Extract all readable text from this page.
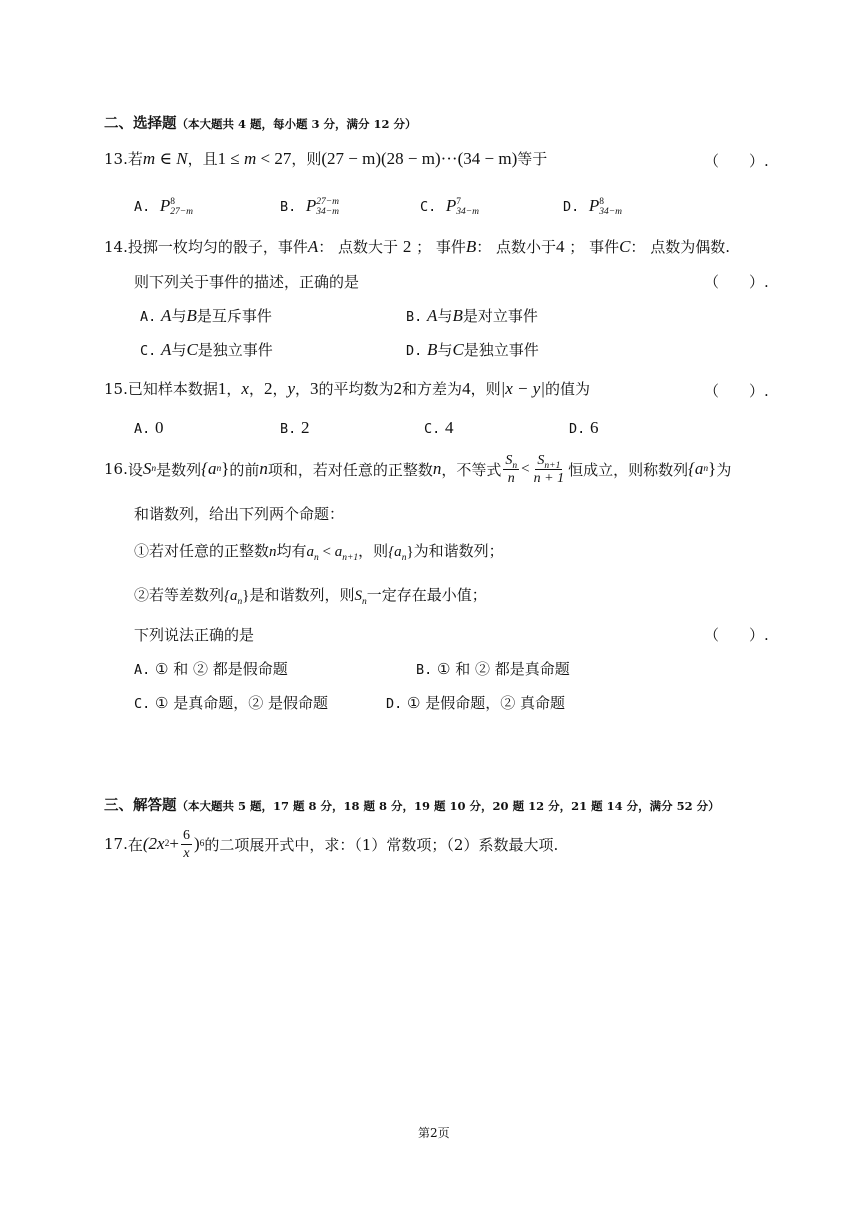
二、选择题（本大题共 4 题，每小题 3 分，满分 12 分）
13.若m ∈ N，且1 ≤ m < 27，则(27 − m)(28 − m)···(34 − m)等于	（　　）.
A. P 8
27−m	B. P 27−m
34−m	C. P 7
34−m	D. P 8
34−m
14.投掷一枚均匀的骰子，事件A： 点数大于 2 ； 事件B： 点数小于4 ； 事件C： 点数为偶数.
则下列关于事件的描述，正确的是	（　　）.
A. A与B是互斥事件	B. A与B是对立事件
C. A与C是独立事件	D. B与C是独立事件
15.已知样本数据1，x，2，y，3的平均数为2和方差为4，则|x − y|的值为	（　　）.
A. 0	B. 2	C. 4	D. 6
16. 设 S n 是数列 {a n } 的前 n 项和，若对任意的正整数 n ，不等式 $\frac{S_n}{n} < \frac{S_{n+1}}{n + 1}$ 恒成立，则称数列 {a n } 为
和谐数列，给出下列两个命题：
①若对任意的正整数n均有$a_n < a_{n+1}$，则$\{a_n\}$为和谐数列；
②若等差数列$\{a_n\}$是和谐数列，则$S_n$一定存在最小值；
下列说法正确的是	（　　）.
A. ① 和 ② 都是假命题	B. ① 和 ② 都是真命题
C. ① 是真命题，② 是假命题	D. ① 是假命题，② 真命题
三、解答题（本大题共 5 题，17 题 8 分，18 题 8 分，19 题 10 分，20 题 12 分，21 题 14 分，满分 52 分）
17. 在 (2x $2 + \frac{6}{x}$ ) 6 的二项展开式中，求：（1）常数项；（2）系数最大项.
第2页
